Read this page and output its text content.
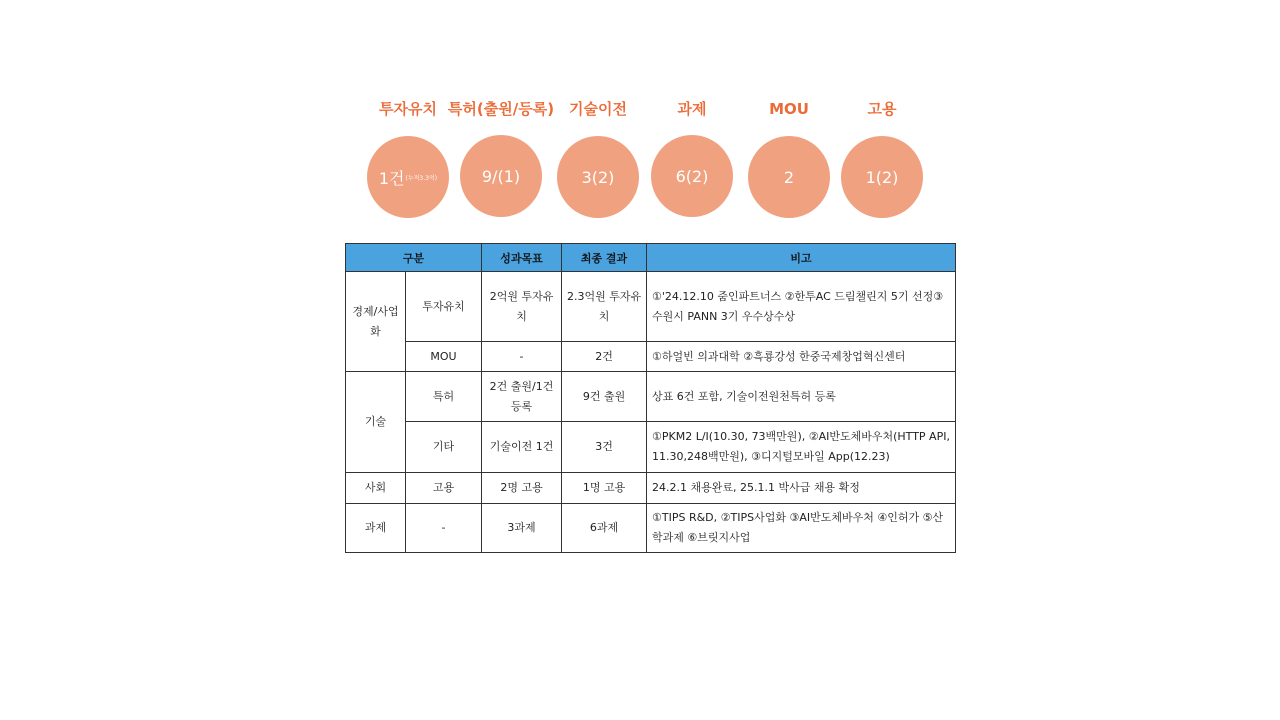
투자유치
1건 (누적3.3억)
특허(출원/등록)
9/(1)
기술이전
3(2)
과제
6(2)
MOU
2
고용
1(2)
구분		성과목표	최종 결과	비고
경제/사업화	투자유치	2억원 투자유치	2.3억원 투자유치	①'24.12.10 줌인파트너스 ②한투AC 드림챌린지 5기 선정③ 수원시 PANN 3기 우수상수상
	MOU	-	2건	①하얼빈 의과대학 ②흑룡강성 한중국제창업혁신센터
기술	특허	2건 출원/1건 등록	9건 출원	상표 6건 포함, 기술이전원천특허 등록
	기타	기술이전 1건	3건	①PKM2 L/I(10.30, 73백만원), ②AI반도체바우처(HTTP API, 11.30,248백만원), ③디지털모바일 App(12.23)
사회	고용	2명 고용	1명 고용	24.2.1 채용완료, 25.1.1 박사급 채용 확정
과제	-	3과제	6과제	①TIPS R&D, ②TIPS사업화 ③AI반도체바우처 ④인허가 ⑤산학과제 ⑥브릿지사업
